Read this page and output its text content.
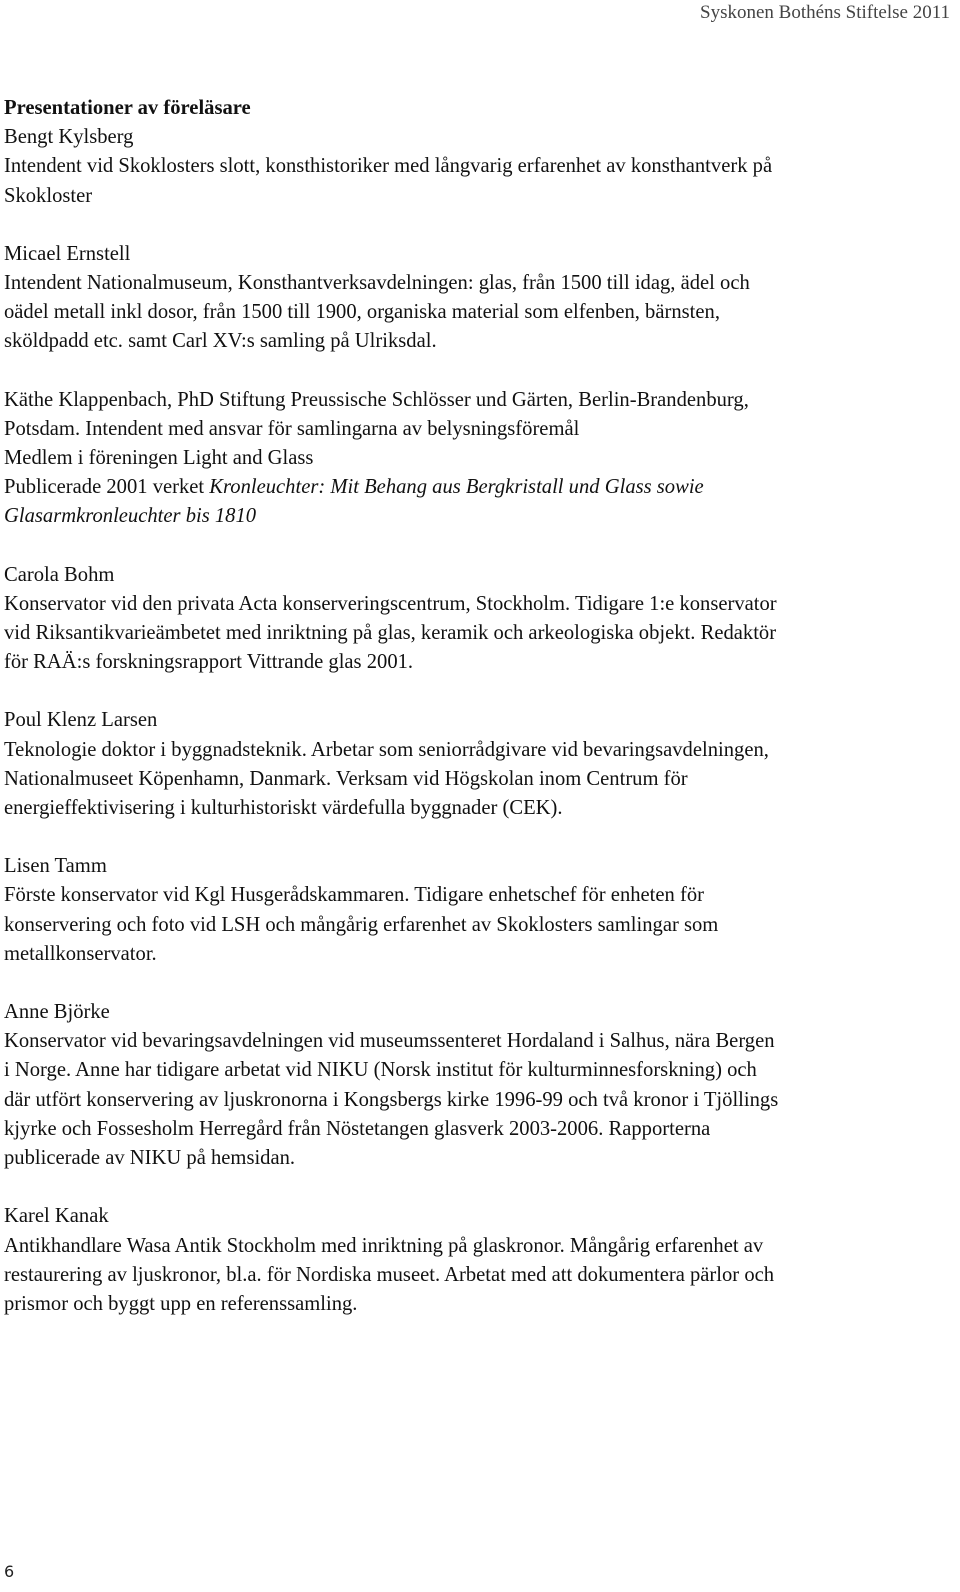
Syskonen Bothéns Stiftelse 2011
Presentationer av föreläsare
Bengt Kylsberg
Intendent vid Skoklosters slott, konsthistoriker med långvarig erfarenhet av konsthantverk på
Skokloster
Micael Ernstell
Intendent Nationalmuseum, Konsthantverksavdelningen: glas, från 1500 till idag, ädel och
oädel metall inkl dosor, från 1500 till 1900, organiska material som elfenben, bärnsten,
sköldpadd etc. samt Carl XV:s samling på Ulriksdal.
Käthe Klappenbach, PhD Stiftung Preussische Schlösser und Gärten, Berlin-Brandenburg,
Potsdam. Intendent med ansvar för samlingarna av belysningsföremål
Medlem i föreningen Light and Glass
Publicerade 2001 verket Kronleuchter: Mit Behang aus Bergkristall und Glass sowie
Glasarmkronleuchter bis 1810
Carola Bohm
Konservator vid den privata Acta konserveringscentrum, Stockholm. Tidigare 1:e konservator
vid Riksantikvarieämbetet med inriktning på glas, keramik och arkeologiska objekt. Redaktör
för RAÄ:s forskningsrapport Vittrande glas 2001.
Poul Klenz Larsen
Teknologie doktor i byggnadsteknik. Arbetar som seniorrådgivare vid bevaringsavdelningen,
Nationalmuseet Köpenhamn, Danmark. Verksam vid Högskolan inom Centrum för
energieffektivisering i kulturhistoriskt värdefulla byggnader (CEK).
Lisen Tamm
Förste konservator vid Kgl Husgerådskammaren. Tidigare enhetschef för enheten för
konservering och foto vid LSH och mångårig erfarenhet av Skoklosters samlingar som
metallkonservator.
Anne Björke
Konservator vid bevaringsavdelningen vid museumssenteret Hordaland i Salhus, nära Bergen
i Norge. Anne har tidigare arbetat vid NIKU (Norsk institut för kulturminnesforskning) och
där utfört konservering av ljuskronorna i Kongsbergs kirke 1996-99 och två kronor i Tjöllings
kjyrke och Fossesholm Herregård från Nöstetangen glasverk 2003-2006. Rapporterna
publicerade av NIKU på hemsidan.
Karel Kanak
Antikhandlare Wasa Antik Stockholm med inriktning på glaskronor. Mångårig erfarenhet av
restaurering av ljuskronor, bl.a. för Nordiska museet. Arbetat med att dokumentera pärlor och
prismor och byggt upp en referenssamling.
6
